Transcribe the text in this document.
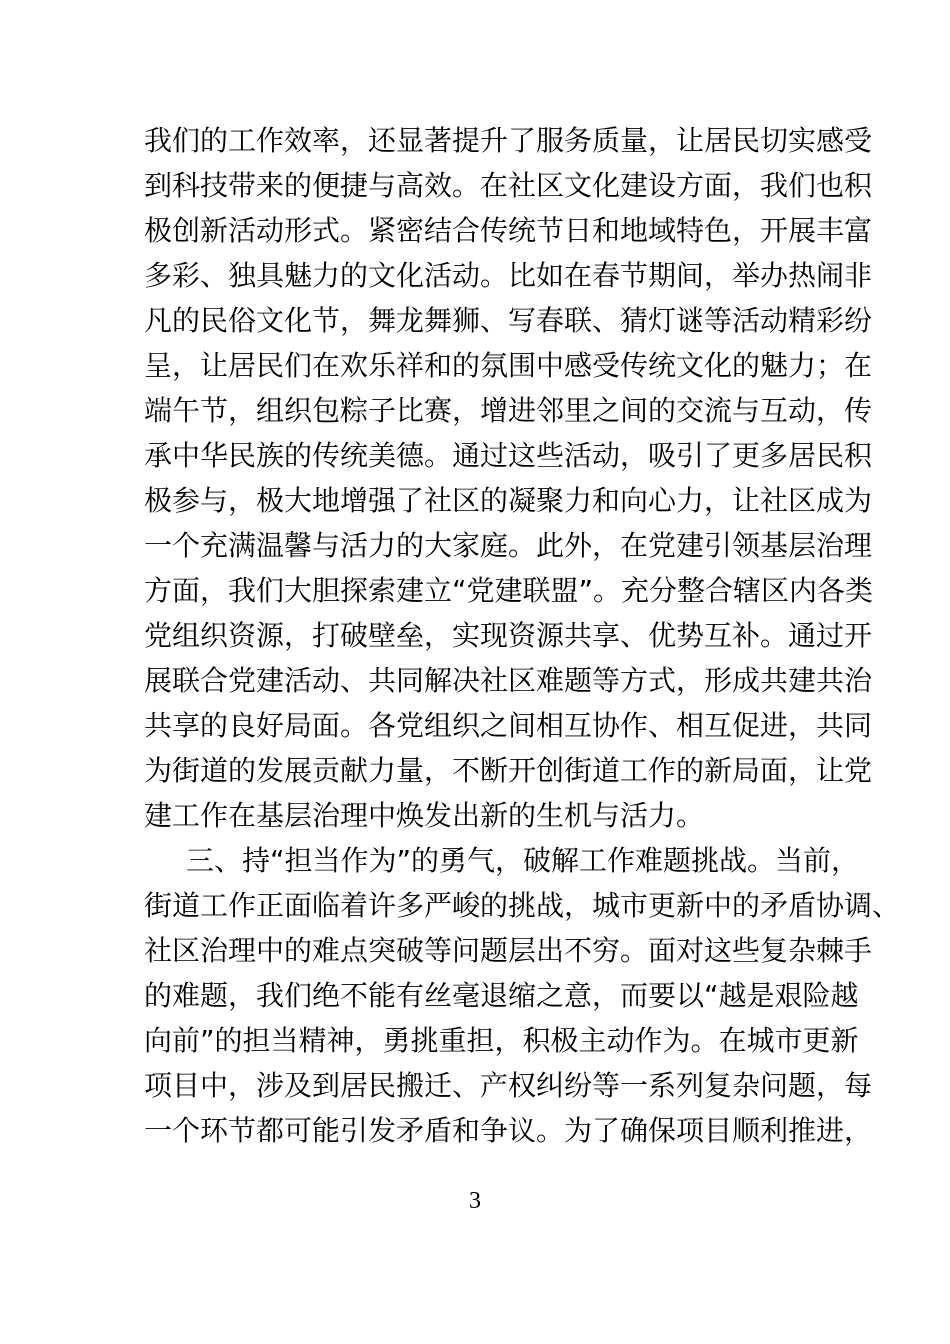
我们的工作效率，还显著提升了服务质量，让居民切实感受
到科技带来的便捷与高效。在社区文化建设方面，我们也积
极创新活动形式。紧密结合传统节日和地域特色，开展丰富
多彩、独具魅力的文化活动。比如在春节期间，举办热闹非
凡的民俗文化节，舞龙舞狮、写春联、猜灯谜等活动精彩纷
呈，让居民们在欢乐祥和的氛围中感受传统文化的魅力；在
端午节，组织包粽子比赛，增进邻里之间的交流与互动，传
承中华民族的传统美德。通过这些活动，吸引了更多居民积
极参与，极大地增强了社区的凝聚力和向心力，让社区成为
一个充满温馨与活力的大家庭。此外，在党建引领基层治理
方面，我们大胆探索建立“党建联盟”。充分整合辖区内各类
党组织资源，打破壁垒，实现资源共享、优势互补。通过开
展联合党建活动、共同解决社区难题等方式，形成共建共治
共享的良好局面。各党组织之间相互协作、相互促进，共同
为街道的发展贡献力量，不断开创街道工作的新局面，让党
建工作在基层治理中焕发出新的生机与活力。
三、持“担当作为”的勇气，破解工作难题挑战。当前，
街道工作正面临着许多严峻的挑战，城市更新中的矛盾协调、
社区治理中的难点突破等问题层出不穷。面对这些复杂棘手
的难题，我们绝不能有丝毫退缩之意，而要以“越是艰险越
向前”的担当精神，勇挑重担，积极主动作为。在城市更新
项目中，涉及到居民搬迁、产权纠纷等一系列复杂问题，每
一个环节都可能引发矛盾和争议。为了确保项目顺利推进，
3
